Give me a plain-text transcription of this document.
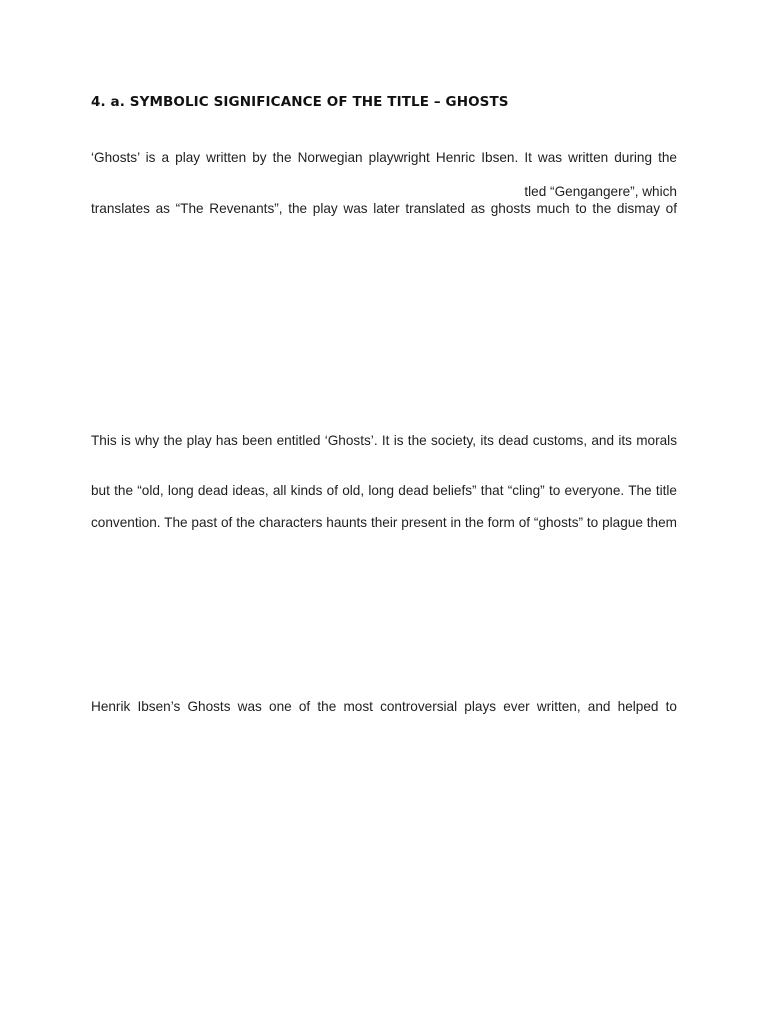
4. a. SYMBOLIC SIGNIFICANCE OF THE TITLE – GHOSTS
‘Ghosts’ is a play written by the Norwegian playwright Henric Ibsen. It was written during the
tled “Gengangere”, which
translates as “The Revenants”, the play was later translated as ghosts much to the dismay of
This is why the play has been entitled ‘Ghosts’. It is the society, its dead customs, and its morals
but the “old, long dead ideas, all kinds of old, long dead beliefs” that “cling” to everyone. The title
convention. The past of the characters haunts their present in the form of “ghosts” to plague them
Henrik Ibsen’s Ghosts was one of the most controversial plays ever written, and helped to
